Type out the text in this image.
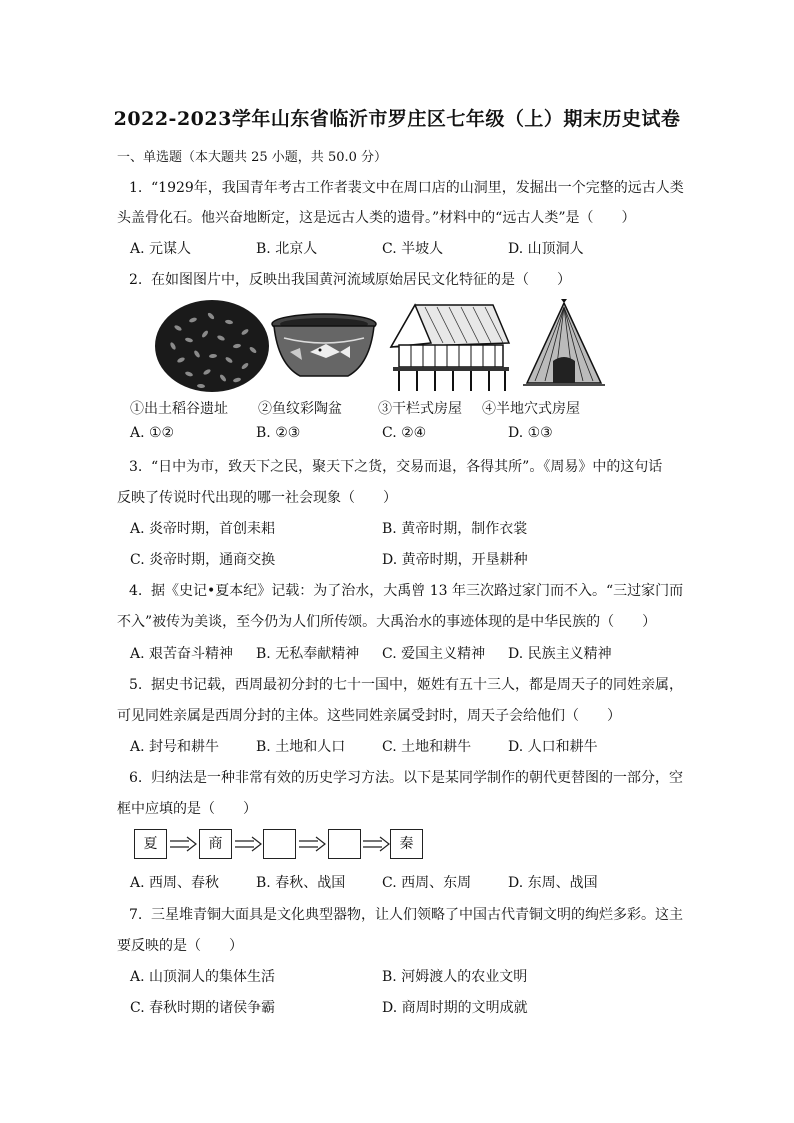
2022-2023学年山东省临沂市罗庄区七年级（上）期末历史试卷
一、单选题（本大题共 25 小题，共 50.0 分）
1. “1929年，我国青年考古工作者裴文中在周口店的山洞里，发掘出一个完整的远古人类
头盖骨化石。他兴奋地断定，这是远古人类的遗骨。”材料中的“远古人类”是（　　）
A. 元谋人	B. 北京人	C. 半坡人	D. 山顶洞人
2. 在如图图片中，反映出我国黄河流域原始居民文化特征的是（　　）
①出土稻谷遗址 ②鱼纹彩陶盆	③干栏式房屋 ④半地穴式房屋
A. ①②	B. ②③	C. ②④	D. ①③
3. “日中为市，致天下之民，聚天下之货，交易而退，各得其所”。《周易》中的这句话
反映了传说时代出现的哪一社会现象（　　）
A. 炎帝时期，首创耒耜	B. 黄帝时期，制作衣裳
C. 炎帝时期，通商交换	D. 黄帝时期，开垦耕种
4. 据《史记•夏本纪》记载：为了治水，大禹曾 13 年三次路过家门而不入。“三过家门而
不入”被传为美谈，至今仍为人们所传颂。大禹治水的事迹体现的是中华民族的（　　）
A. 艰苦奋斗精神 B. 无私奉献精神 C. 爱国主义精神 D. 民族主义精神
5. 据史书记载，西周最初分封的七十一国中，姬姓有五十三人，都是周天子的同姓亲属，
可见同姓亲属是西周分封的主体。这些同姓亲属受封时，周天子会给他们（　　）
A. 封号和耕牛	B. 土地和人口	C. 土地和耕牛	D. 人口和耕牛
6. 归纳法是一种非常有效的历史学习方法。以下是某同学制作的朝代更替图的一部分，空
框中应填的是（　　）
夏	商	秦
A. 西周、春秋	B. 春秋、战国	C. 西周、东周	D. 东周、战国
7. 三星堆青铜大面具是文化典型器物，让人们领略了中国古代青铜文明的绚烂多彩。这主
要反映的是（　　）
A. 山顶洞人的集体生活	B. 河姆渡人的农业文明
C. 春秋时期的诸侯争霸	D. 商周时期的文明成就
